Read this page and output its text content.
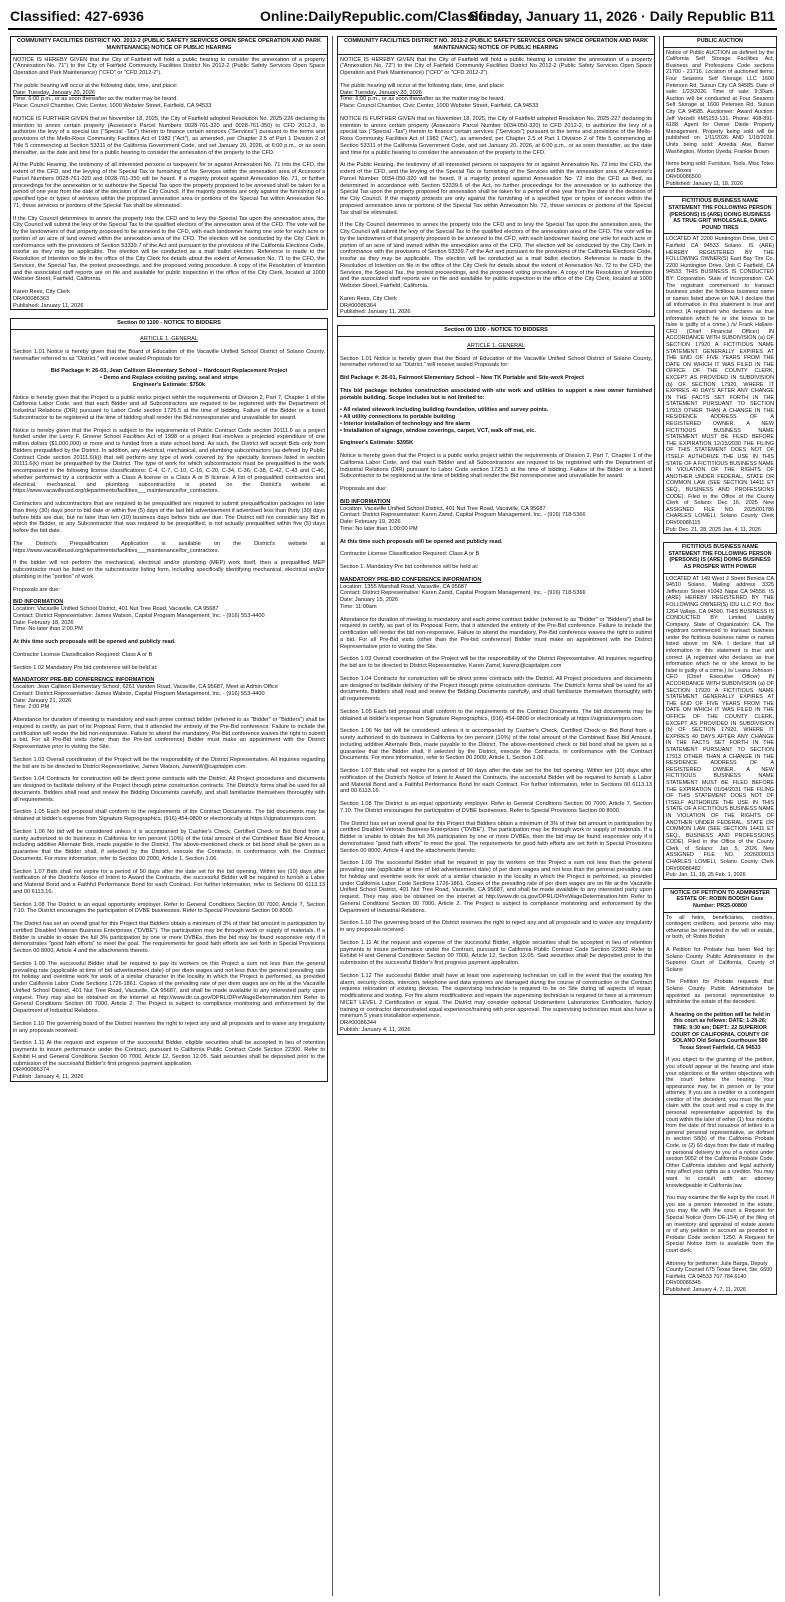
Classified: 427-6936	Online:DailyRepublic.com/Classifieds
Sunday, January 11, 2026 · Daily Republic B11
COMMUNITY FACILITIES DISTRICT NO. 2012-2 (PUBLIC SAFETY SERVICES OPEN SPACE OPERATION AND PARK MAINTENANCE) NOTICE OF PUBLIC HEARING

NOTICE IS HEREBY GIVEN that the City of Fairfield will hold a public hearing to consider the annexation of a property ("Annexation No. 71") to the City of Fairfield Community Facilities District No 2012-2 (Public Safety Services Open Space Operation and Park Maintenance) ("CFD" or "CFD 2012-2").

The public hearing will occur at the following date, time, and place:

Date: Tuesday, January 20, 2026
Time: 6:00 p.m., or as soon thereafter as the matter may be heard.

Place: Council Chamber, Civic Center, 1000 Webster Street, Fairfield, CA 94533

NOTICE IS FURTHER GIVEN that on November 18, 2025, the City of Fairfield adopted Resolution No. 2025-226 declaring its intention to annex certain property (Assessor's Parcel Numbers 0028-761-320 and 0028-761-350) to CFD 2012-2, to authorize the levy of a special tax ("Special -Tax") therein to finance certain services ("Services") pursuant to the terms and provisions of the Mello-Roos Community Facilities Act of 1982 ("Act"), as amended, per Chapter 2.5 of Part 1 Division 2 of Title 5 commencing at Section 53311 of the California Government Code, and set January 20, 2026, at 6:00 p.m., or as soon thereafter, as the date and time for a public hearing to consider the annexation of the property to the CFD.

At the Public Hearing, the testimony of all interested persons or taxpayers for or against Annexation No. 71 into the CFD, the extent of the CFD, and the levying of the Special Tax or furnishing of the Services within the annexation area of Accessor's Parcel Numbers 0028-761-320 and 0028-761-350 will be heard. If a majority protest against Annexation No. 71, or further proceedings for the annexation or to authorize the Special Tax upon the property proposed to be annexed shall be taken for a period of one year from the date of the decision of the City Council. If the majority protests are only against the furnishing of a specified type or types of services within the proposed annexation area or portions of the Special Tax within Annexation No. 71, those services or portions of the Special Tax shall be eliminated.

If the City Council determines to annex the property into the CFD and to levy the Special Tax upon the annexation area, the City Council will submit the levy of the Special Tax to the qualified electors of the annexation area of the CFD. The vote will be by the landowners of that property proposed to be annexed to the CFD, with each landowner having one vote for each acre or portion of an acre of land owned within the annexation area of the CFD. The election will be conducted by the City Clerk in conformance with the provisions of Section 53339.7 of the Act and pursuant to the provisions of the California Elections Code, insofar as they may be applicable. The election will be conducted as a mail ballot election. Reference is made to the Resolution of Intention on file in the office of the City Clerk for details about the extent of Annexation No. 71 to the CFD, the Services, the Special Tax, the protest proceedings, and the proposed voting procedure. A copy of the Resolution of Intention and the associated staff reports are on file and available for public inspection in the office of the City Clerk, located at 1000 Webster Street, Fairfield, California.

Karen Rees, City Clerk
DR#00086363
Published: January 11, 2026
Section 00 1100 - NOTICE TO BIDDERS

ARTICLE 1. GENERAL

Section 1.01 Notice is hereby given that the Board of Education of the Vacaville Unified School District of Solano County, hereinafter referred to as "District," will receive sealed Proposals for:

Bid Package #: 26-03, Jean Callison Elementary School – Hardcourt Replacement Project
• Demo and Replace existing paving, seal and stripe

Engineer's Estimate: $750k

Notice is hereby given that the Project is a public works project within the requirements of Division 2, Part 7, Chapter 1 of the California Labor Code, and that each Bidder and all Subcontractors are required to be registered with the Department of Industrial Relations (DIR) pursuant to Labor Code section 1725.5 at the time of bidding. Failure of the Bidder or a listed Subcontractor to be registered at the time of bidding shall render the Bid nonresponsive and unavailable for award.

Notice is hereby given that the Project is subject to the requirements of Public Contract Code section 20111.6 as a project funded under the Leroy F. Greene School Facilities Act of 1998 or a project that involves a projected expenditure of one million dollars ($1,000,000) or more and is funded from a state school bond. As such, the District will accept Bids only from Bidders prequalified by the District. In addition, any electrical, mechanical, and plumbing subcontractors (as defined by Public Contract Code section 20111.6(k)) that will perform any type of work covered by the specialty licenses listed in section 20111.6(k) must be prequalified by the District. The type of work for which subcontractors must be prequalified is the work encompassed in the following license classifications: C-4, C-7, C-10, C-16, C-20, C-34, C-36, C-38, C-42, C-43 and C-46, whether performed by a contractor with a Class A license or a Class A or B license. A list of prequalified contractors and electrical, mechanical, and plumbing subcontractors is posted on the District's website at https://www.vacavilleusd.org/departments/facilities___maintenance/for_contractors.

Contractors and subcontractors that are required to be prequalified are required to submit prequalification packages no later than thirty (30) days prior to bid date or within five (5) days of the last bid advertisement if advertised less than thirty (30) days before bids are due, but no later than ten (10) business days before bids are due. The District will not consider any Bid in which the Bidder, or any Subcontractor that was required to be prequalified, is not actually prequalified within five (5) days before the bid date.

The District's Prequalification Application is available on the District's website at https://www.vacavilleusd.org/departments/facilities___maintenance/for_contractors.

If the bidder will not perform the mechanical, electrical and/or plumbing (MEP) work itself, then a prequalified MEP subcontractor must be listed on the subcontractor listing form, including specifically identifying mechanical, electrical and/or plumbing in the "portion" of work.

Proposals are due:

BID INFORMATION
Location: Vacaville Unified School District, 401 Nut Tree Road, Vacaville, CA 95687
Contact: District Representative: James Watson, Capital Program Management, Inc. - (916) 553-4400
Date: February 18, 2026

Time: No later than 2:00 PM

At this time such proposals will be opened and publicly read.

Contractor License Classification Required: Class A or B

Section 1.02 Mandatory Pre bid conference will be held at:

MANDATORY PRE-BID CONFERENCE INFORMATION
Location: Jean Callison Elementary School, 6261 Vanden Road, Vacaville, CA 95687, Meet at Admin Office
Contact: District Representative: James Watson, Capital Program Management, Inc. - (916) 553-4400
Date: January 21, 2026

Time: 2:00 PM

Attendance for duration of meeting is mandatory and each prime contract bidder (referred to as "Bidder" or "Bidders") shall be required to certify, as part of its Proposal Form, that it attended the entirety of the Pre-Bid conference. Failure to include the certification will render the bid non-responsive. Failure to attend the mandatory, Pre-Bid conference waives the right to submit a bid. For all Pre-Bid visits (other than the Pre-bid conference) Bidder must make an appointment with the District Representative prior to visiting the Site.

Section 1.03 Overall coordination of the Project will be the responsibility of the District Representative. All inquiries regarding the bid are to be directed to District Representative, James Watson, JamesW@capitalpm.com.

Section 1.04 Contracts for construction will be direct prime contracts with the District. All Project procedures and documents are designed to facilitate delivery of the Project through prime construction contracts. The District's forms shall be used for all documents. Bidders shall read and review the Bidding Documents carefully, and shall familiarize themselves thoroughly with all requirements.

Section 1.05 Each bid proposal shall conform to the requirements of the Contract Documents. The bid documents may be obtained at bidder's expense from Signature Reprographics, (916) 454-0800 or electronically at https://signaturerepro.com.

Section 1.06 No bid will be considered unless it is accompanied by Cashier's Check, Certified Check or Bid Bond from a surety authorized to do business in California for ten percent (10%) of the total amount of the Combined Base Bid Amount, including additive Alternate Bids, made payable to the District. The above-mentioned check or bid bond shall be given as a guarantee that the Bidder shall, if selected by the District, execute the Contracts, in conformance with the Contract Documents. For more information, refer to Section 00 2000, Article 1, Section 1.06.

Section 1.07 Bids shall not expire for a period of 90 days after the date set for the bid opening. Within ten (10) days after notification of the District's Notice of Intent to Award the Contracts, the successful Bidder will be required to furnish a Labor and Material Bond and a Faithful Performance Bond for each Contract. For further information, refer to Sections 00 6113.13 and 00 6113.16.

Section 1.08 The District is an equal opportunity employer. Refer to General Conditions Section 00 7000, Article 7, Section 7.10. The District encourages the participation of DVBE businesses. Refer to Special Provisions Section 00 8000.

The District has set an overall goal for this Project that Bidders obtain a minimum of 3% of their bid amount in participation by certified Disabled Veteran Business Enterprises ("DVBE"). The participation may be through work or supply of materials. If a Bidder is unable to obtain the full 3% participation by one or more DVBEs, then the bid may be found responsive only if it demonstrates "good faith efforts" to meet the goal. The requirements for good faith efforts are set forth in Special Provisions Section 00 8000, Article 4 and the attachments thereto.

Section 1.09 The successful Bidder shall be required to pay its workers on this Project a sum not less than the general prevailing rate (applicable at time of bid advertisement date) of per diem wages and not less than the general prevailing rate for holiday and overtime work for work of a similar character in the locality in which the Project is performed, as provided under California Labor Code Sections 1726-1861. Copies of the prevailing rate of per diem wages are on file at the Vacaville Unified School District, 401 Nut Tree Road, Vacaville, CA 95687, and shall be made available to any interested party upon request. They may also be obtained on the internet at http://www.dir.ca.gov/OPRL/DPreWageDetermination.htm Refer to General Conditions Section 00 7000, Article 2. The Project is subject to compliance monitoring and enforcement by the Department of Industrial Relations.

Section 1.10 The governing board of the District reserves the right to reject any and all proposals and to waive any irregularity in any proposals received.

Section 1.11 At the request and expense of the successful Bidder, eligible securities shall be accepted in lieu of retention payments to insure performance under the Contract, pursuant to California Public Contract Code Section 22300. Refer to Exhibit H and General Conditions Section 00 7000, Article 12, Section 12.05. Said securities shall be deposited prior to the submission of the successful Bidder's first progress payment application.

DR#00086374
Publish: January 4, 11, 2026
COMMUNITY FACILITIES DISTRICT NO. 2012-2 (PUBLIC SAFETY SERVICES OPEN SPACE OPERATION AND PARK MAINTENANCE) NOTICE OF PUBLIC HEARING

NOTICE IS HEREBY GIVEN that the City of Fairfield will hold a public hearing to consider the annexation of a property ("Annexation No. 72") to the City of Fairfield Community Facilities District No 2012-2 (Public Safety Services Open Space Operation and Park Maintenance) ("CFD" or "CFD 2012-2").

The public hearing will occur at the following date, time, and place:

Date: Tuesday, January 20, 2026
Time: 6:00 p.m., or as soon thereafter as the matter may be heard.

Place: Council Chamber, Civic Center, 1000 Webster Street, Fairfield, CA 94533

NOTICE IS FURTHER GIVEN that on November 18, 2025, the City of Fairfield adopted Resolution No. 2025-227 declaring its intention to annex certain property (Assessor's Parcel Number 0034-050-320) to CFD 2012-2, to authorize the levy of a special tax ("Special -Tax") therein to finance certain services ("Services") pursuant to the terms and provisions of the Mello-Roos Community Facilities Act of 1982 ("Act"), as amended, per Chapter 2.5 of Part 1 Division 2 of Title 5 commencing at Section 53311 of the California Government Code, and set January 20, 2026, at 6:00 p.m., or as soon thereafter, as the date and time for a public hearing to consider the annexation of the property to the CFD.

At the Public Hearing, the testimony of all interested persons or taxpayers for or against Annexation No. 72 into the CFD, the extent of the CFD, and the levying of the Special Tax or furnishing of the Services within the annexation area of Accessor's Parcel Number 0034-050-320 will be heard. If a majority protest against Annexation No. 72 into the CFD as filed, as determined in accordance with Section 53339.6 of the Act, no further proceedings for the annexation or to authorize the Special Tax upon the property proposed for annexation shall be taken for a period of one year from the date of the decision of the City Council. If the majority protests are only against the furnishing of a specified type or types of services within the proposed annexation area or portions of the Special Tax within Annexation No. 72, those services or portions of the Special Tax shall be eliminated.

If the City Council determines to annex the property into the CFD and to levy the Special Tax upon the annexation area, the City Council will submit the levy of the Special Tax to the qualified electors of the annexation area of the CFD. The vote will be by the landowners of that property proposed to be annexed to the CFD, with each landowner having one vote for each acre or portion of an acre of land owned within the annexation area of the CFD. The election will be conducted by the City Clerk in conformance with the provisions of Section 53339.7 of the Act and pursuant to the provisions of the California Elections Code, insofar as they may be applicable. The election will be conducted as a mail ballot election. Reference is made to the Resolution of Intention on file in the office of the City Clerk for details about the extent of Annexation No. 72 to the CFD, the Services, the Special Tax, the protest proceedings, and the proposed voting procedure. A copy of the Resolution of Intention and the associated staff reports are on file and available for public inspection in the office of the City Clerk, located at 1000 Webster Street, Fairfield, California.

Karen Rees, City Clerk
DR#00086364
Published: January 11, 2026
Section 00 1100 - NOTICE TO BIDDERS

ARTICLE 1. GENERAL

Section 1.01 Notice is hereby given that the Board of Education of the Vacaville Unified School District of Solano County, hereinafter referred to as "District," will receive sealed Proposals for:

Bid Package #: 26-01, Fairmont Elementary School – New TK Portable and Site-work Project

This bid package includes construction associated with site work and utilities to support a new owner furnished portable building. Scope includes but is not limited to:

• All related sitework including building foundation, utilities and survey points.
• All utility connections to portable building
• Interior installation of technology and fire alarm

• Installation of signage, window coverings, carpet, VCT, walk off mat, etc.

Engineer's Estimate: $395K

Notice is hereby given that the Project is a public works project within the requirements of Division 2, Part 7, Chapter 1 of the California Labor Code, and that each Bidder and all Subcontractors are required to be registered with the Department of Industrial Relations (DIR) pursuant to Labor Code section 1725.5 at the time of bidding. Failure of the Bidder or a listed Subcontractor to be registered at the time of bidding shall render the Bid nonresponsive and unavailable for award.

Proposals are due:

BID INFORMATION
Location: Vacaville Unified School District, 401 Nut Tree Road, Vacaville, CA 95687
Contact: District Representative: Karen Zamd, Capital Program Management, Inc. - (916) 718-5366
Date: February 19, 2026

Time: No later than 1:00:00 PM

At this time such proposals will be opened and publicly read.

Contractor License Classification Required: Class A or B

Section 1. Mandatory Pre bid conference will be held at:

MANDATORY PRE-BID CONFERENCE INFORMATION
Location: 1355 Marshall Road, Vacaville, CA 95687
Contact: District Representative: Karen Zamd, Capital Program Management, Inc. - (916) 718-5366
Date: January 15, 2026

Time: 11:00am

Attendance for duration of meeting is mandatory and each prime contract bidder (referred to as "Bidder" or "Bidders") shall be required to certify, as part of its Proposal Form, that it attended the entirety of the Pre-Bid conference. Failure to include the certification will render the bid non-responsive. Failure to attend the mandatory, Pre-Bid conference waives the right to submit a bid. For all Pre-Bid visits (other than the Pre-bid conference) Bidder must make an appointment with the District Representative prior to visiting the Site.

Section 1.03 Overall coordination of the Project will be the responsibility of the District Representative. All inquiries regarding the bid are to be directed to District Representative, Karen Zamd, karenz@capitalpm.com

Section 1.04 Contracts for construction will be direct prime contracts with the District. All Project procedures and documents are designed to facilitate delivery of the Project through prime construction contracts. The District's forms shall be used for all documents. Bidders shall read and review the Bidding Documents carefully, and shall familiarize themselves thoroughly with all requirements.

Section 1.05 Each bid proposal shall conform to the requirements of the Contract Documents. The bid documents may be obtained at bidder's expense from Signature Reprographics, (916) 454-0800 or electronically at https://signaturerepro.com.

Section 1.06 No bid will be considered unless it is accompanied by Cashier's Check, Certified Check or Bid Bond from a surety authorized to do business in California for ten percent (10%) of the total amount of the Combined Base Bid Amount, including additive Alternate Bids, made payable to the District. The above-mentioned check or bid bond shall be given as a guarantee that the Bidder shall, if selected by the District, execute the Contracts, in conformance with the Contract Documents. For more information, refer to Section 00 2000, Article 1, Section 1.06.

Section 1.07 Bids shall not expire for a period of 90 days after the date set for the bid opening. Within ten (10) days after notification of the District's Notice of Intent to Award the Contracts, the successful Bidder will be required to furnish a Labor and Material Bond and a Faithful Performance Bond for each Contract. For further information, refer to Sections 00 6113.13 and 00 6113.16.

Section 1.08 The District is an equal opportunity employer. Refer to General Conditions Section 00 7000, Article 7, Section 7.10. The District encourages the participation of DVBE businesses. Refer to Special Provisions Section 00 8000.

The District has set an overall goal for this Project that Bidders obtain a minimum of 3% of their bid amount in participation by certified Disabled Veteran Business Enterprises ("DVBE"). The participation may be through work or supply of materials. If a Bidder is unable to obtain the full 3% participation by one or more DVBEs, then the bid may be found responsive only if it demonstrates "good faith efforts" to meet the goal. The requirements for good faith efforts are set forth in Special Provisions Section 00 8000, Article 4 and the attachments thereto.

Section 1.09 The successful Bidder shall be required to pay its workers on this Project a sum not less than the general prevailing rate (applicable at time of bid advertisement date) of per diem wages and not less than the general prevailing rate for holiday and overtime work for work of a similar character in the locality in which the Project is performed, as provided under California Labor Code Sections 1726-1861. Copies of the prevailing rate of per diem wages are on file at the Vacaville Unified School District, 401 Nut Tree Road, Vacaville, CA 95687, and shall be made available to any interested party upon request. They may also be obtained on the internet at http://www.dir.ca.gov/OPRL/DPreWageDetermination.htm Refer to General Conditions Section 00 7000, Article 2. The Project is subject to compliance monitoring and enforcement by the Department of Industrial Relations.

Section 1.10 The governing board of the District reserves the right to reject any and all proposals and to waive any irregularity in any proposals received.

Section 1.11 At the request and expense of the successful Bidder, eligible securities shall be accepted in lieu of retention payments to insure performance under the Contract, pursuant to California Public Contract Code Section 22300. Refer to Exhibit H and General Conditions Section 00 7000, Article 12, Section 12.05. Said securities shall be deposited prior to the submission of the successful Bidder's first progress payment application.

Section 1.12 The successful Bidder shall have at least one supervising technician on call in the event that the existing fire alarm, security clocks, intercom, telephone and data systems are damaged during the course of construction or the Contract requires relocation of existing devices. The supervising technician is required to be on Site during all aspects of repair, modifications and testing. For fire alarm modifications and repairs the supervising technician is required to have at a minimum NICET LEVEL 2 Certification or equal. The District may consider optional Underwriters Laboratories Certification, factory training or contractor demonstrated equal experience/training with prior approval. The supervising technician must also have a minimum 5 years installation experience.

DR#00086344
Publish: January 4, 11, 2026
PUBLIC AUCTION

Notice of Public AUCTION as defined by the California Self Storage Facilities Act, Business and Professions Code sections 21700 - 21716. Location of auctioned items: Four Seasons Self Storage LLC 1600 Petersen Rd, Suisun City CA 94585. Date of sale: 1/23/2026. Time of sale: 9:30am. Auction will be conducted at Four Seasons Self Storage at 1600 Petersen Rd, Suisun City CA 94585. Auctioneer: Award Auction: Jeff Verzelli #MS153-131. Phone: 408-891-6188. Agent for Owner Diede Property Management. Property being sold will be published on 1/11/2026 AND 1/18/2026. Units being sold: Amedia Abe, Barner Washington, Morton Uyeda, Frankie Brown

Items being sold: Furniture, Tools, Misc Totes and Boxes
DR#00086500
Published: January 11, 18, 2026
FICTITIOUS BUSINESS NAME STATEMENT THE FOLLOWING PERSON (PERSONS) IS (ARE) DOING BUSINESS AS TRUE GRIT WHOLESALE, DAWG POUND TIRES

LOCATED AT 2200 Huntington Drive, Unit C Fairfield CA 94533 Solano. IS (ARE) HEREBY REGISTERED BY THE FOLLOWING OWNER(S) East Bay Tire Co. 2200 Huntington Drive, Unit C Fairfield, CA 94533. THIS BUSINESS IS CONDUCTED BY: Corporation. State of Incorporation: CA. The registrant commenced to transact business under the fictitious business name or names listed above on N/A. I declare that all information in this statement is true and correct (A registrant who declares as true information which he or she knows to be false is guilty of a crime.) /s/ Frank Hallare-CFO (Chief Financial Officer) IN ACCORDANCE WITH SUBDIVISION (a) OF SECTION 17920 A FICTITIOUS NAME STATEMENT GENERALLY EXPIRES AT THE END OF FIVE YEARS FROM THE DATE ON WHICH IT WAS FILED IN THE OFFICE OF THE COUNTY CLERK, EXCEPT AS PROVIDED IN SUBDIVISION (b) OF SECTION 17920, WHERE IT EXPIRES 40 DAYS AFTER ANY CHANGE IN THE FACTS SET FORTH IN THE STATEMENT PURSUANT TO SECTION 17913 OTHER THAN A CHANGE IN THE RESIDENCE ADDRESS OF A REGISTERED OWNER. A NEW FICTITIOUS BUSINESS NAME STATEMENT MUST BE FILED BEFORE THE EXPIRATION 12/15/2030 THE FILING OF THIS STATEMENT DOES NOT OF ITSELF AUTHORIZE THE USE IN THIS STATE OF A FICTITIOUS BUSINESS NAME IN VIOLATION OF THE RIGHTS OF ANOTHER UNDER FEDERAL, STATE OR COMMON LAW (SEE SECTION 14411 ET SEQ., BUSINESS AND PROFESSIONS CODE). Filed in the Office of the County Clerk of Solano: Dec 16, 2025 New ASSIGNED FILE NO. 2025001786 CHARLES LOMELI, Solano County Clerk DR#00086115

Pub: Dec. 21, 28, 2025 Jan. 4, 11, 2026
FICTITIOUS BUSINESS NAME STATEMENT THE FOLLOWING PERSON (PERSONS) IS (ARE) DOING BUSINESS AS PROSPER WITH POWER

LOCATED AT 149 West J Street Benicia CA 94510 Solano, Mailing address 3325 Jefferson Street #1043 Napa CA 94558. IS (ARE) HEREBY REGISTERED BY THE FOLLOWING OWNER(S) IDU LLC P.O. Box 1264 Vallejo, CA 94590. THIS BUSINESS IS CONDUCTED BY: Limited Liability Company. State of Organization: CA. The registrant commenced to transact business under the fictitious business name or names listed above on N/A. I declare that all information in this statement is true and correct (A registrant who declares as true information which he or she knows to be false is guilty of a crime.) /s/ Leana Johnson-CEO (Chief Executive Officer) IN ACCORDANCE WITH SUBDIVISION (a) OF SECTION 17920 A FICTITIOUS NAME STATEMENT GENERALLY EXPIRES AT THE END OF FIVE YEARS FROM THE DATE ON WHICH IT WAS FILED IN THE OFFICE OF THE COUNTY CLERK, EXCEPT AS PROVIDED IN SUBDIVISION (b) OF SECTION 17920, WHERE IT EXPIRES 40 DAYS AFTER ANY CHANGE IN THE FACTS SET FORTH IN THE STATEMENT PURSUANT TO SECTION 17913 OTHER THAN A CHANGE IN THE RESIDENCE ADDRESS OF A REGISTERED OWNER. A NEW FICTITIOUS BUSINESS NAME STATEMENT MUST BE FILED BEFORE THE EXPIRATION 01/04/2031 THE FILING OF THIS STATEMENT DOES NOT OF ITSELF AUTHORIZE THE USE IN THIS STATE OF A FICTITIOUS BUSINESS NAME IN VIOLATION OF THE RIGHTS OF ANOTHER UNDER FEDERAL, STATE OR COMMON LAW (SEE SECTION 14411 ET SEQ., BUSINESS AND PROFESSIONS CODE). Filed in the Office of the County Clerk of Solano: Jan 5, 2026 New ASSIGNED FILE NO. 2026000013 CHARLES LOMELI, Solano County Clerk DR#00086482

Pub: Jan. 11, 18, 25 Feb. 1, 2026
NOTICE OF PETITION TO ADMINISTER ESTATE OF: ROBIN BODISH Case Number: PR25-00800

To all heirs, beneficiaries, creditors, contingent creditors, and persons who may otherwise be interested in the will or estate, or both, of: Robin Bodish

A Petition for Probate has been filed by: Solano County Public Administrator in the Superior Court of California, County of Solano

The Petition for Probate requests that: Solano County Public Administrator be appointed as personal representative to administer the estate of the decedent.

A hearing on the petition will be held in this court as follows: DATE: 1-28-26; TIME: 9:30 am; DEPT.: 22 SUPERIOR COURT OF CALIFORNIA, COUNTY OF SOLANO Old Solano Courthouse 580 Texas Street Fairfield, CA 94533

If you object to the granting of the petition, you should appear at the hearing and state your objections or file written objections with the court before the hearing. Your appearance may be in person or by your attorney. If you are a creditor or a contingent creditor of the decedent, you must file your claim with the court and mail a copy to the personal representative appointed by the court within the later of either (1) four months from the date of first issuance of letters to a general personal representative, as defined in section 58(b) of the California Probate Code, or (2) 60 days from the date of mailing or personal delivery to you of a notice under section 9052 of the California Probate Code. Other California statutes and legal authority may affect your rights as a creditor. You may want to consult with an attorney knowledgeable in California law.

You may examine the file kept by the court. If you are a person interested in the estate, you may file with the court a Request for Special Notice (form DE-154) of the filing of an inventory and appraisal of estate assets or of any petition or account as provided in Probate Code section 1250. A Request for Special Notice form is available from the court clerk.

Attorney for petitioner: Julie Barga, Deputy County Counsel 675 Texas Street, Ste. 6600 Fairfield, CA 94533 707.784.6140
DR#00086345
Published: January 4, 7, 11, 2026
